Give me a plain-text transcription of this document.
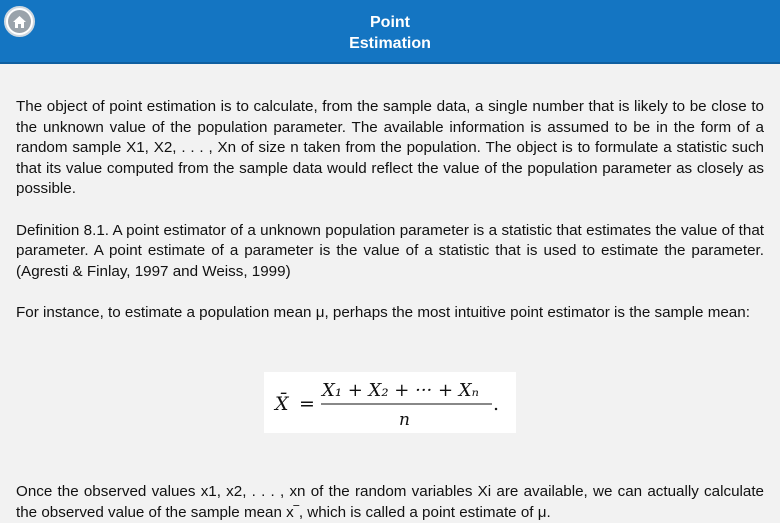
Point
Estimation

The object of point estimation is to calculate, from the sample data, a single number that is likely to be close to the unknown value of the population parameter. The available information is assumed to be in the form of a random sample X1, X2, . . . , Xn of size n taken from the population. The object is to formulate a statistic such that its value computed from the sample data would reflect the value of the population parameter as closely as possible.

Definition 8.1. A point estimator of a unknown population parameter is a statistic that estimates the value of that parameter. A point estimate of a parameter is the value of a statistic that is used to estimate the parameter. (Agresti & Finlay, 1997 and Weiss, 1999)

For instance, to estimate a population mean μ, perhaps the most intuitive point estimator is the sample mean:

X̄ =
X₁ + X₂ + ··· + Xₙ
n
.
Once the observed values x1, x2, . . . , xn of the random variables Xi are available, we can actually calculate the observed value of the sample mean x‾, which is called a point estimate of μ.
